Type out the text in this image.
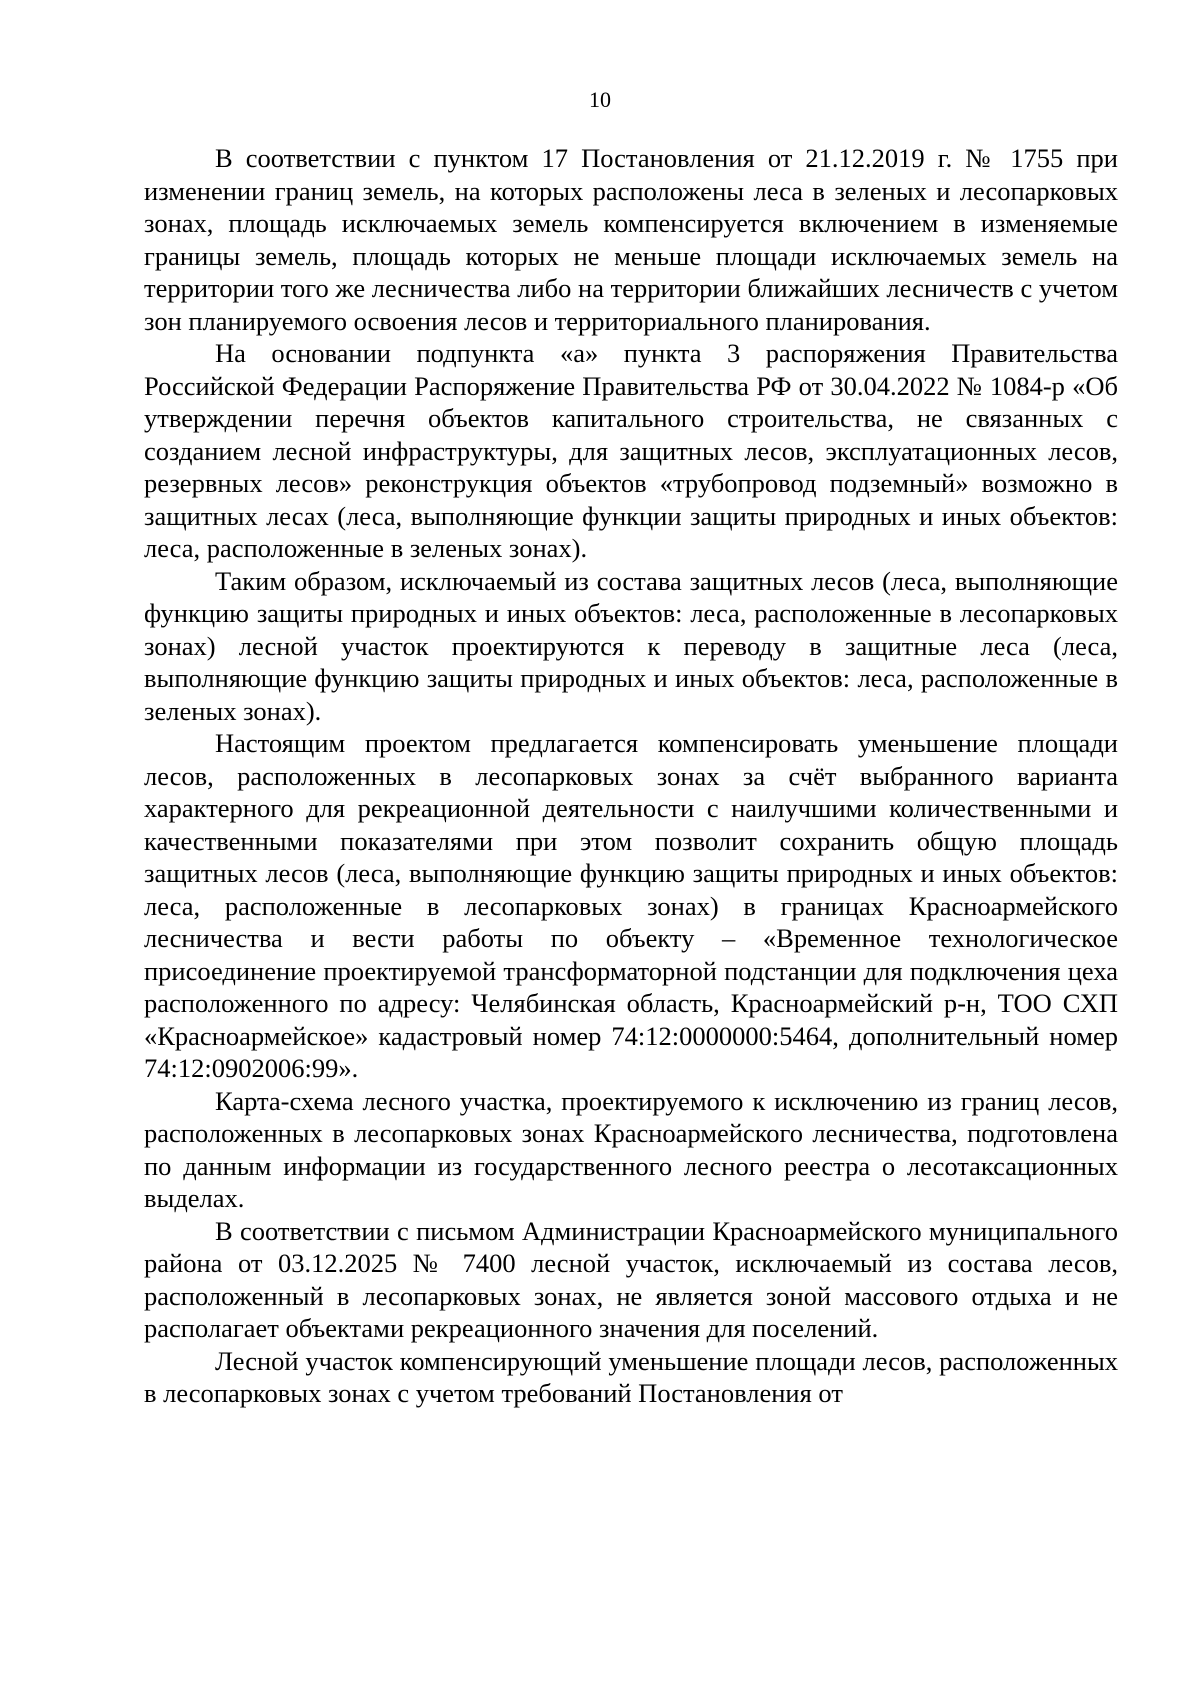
10

В соответствии с пунктом 17 Постановления от 21.12.2019 г. № 1755 при изменении границ земель, на которых расположены леса в зеленых и лесопарковых зонах, площадь исключаемых земель компенсируется включением в изменяемые границы земель, площадь которых не меньше площади исключаемых земель на территории того же лесничества либо на территории ближайших лесничеств с учетом зон планируемого освоения лесов и территориального планирования.

На основании подпункта «а» пункта 3 распоряжения Правительства Российской Федерации Распоряжение Правительства РФ от 30.04.2022 № 1084-р «Об утверждении перечня объектов капитального строительства, не связанных с созданием лесной инфраструктуры, для защитных лесов, эксплуатационных лесов, резервных лесов» реконструкция объектов «трубопровод подземный» возможно в защитных лесах (леса, выполняющие функции защиты природных и иных объектов: леса, расположенные в зеленых зонах).

Таким образом, исключаемый из состава защитных лесов (леса, выполняющие функцию защиты природных и иных объектов: леса, расположенные в лесопарковых зонах) лесной участок проектируются к переводу в защитные леса (леса, выполняющие функцию защиты природных и иных объектов: леса, расположенные в зеленых зонах).

Настоящим проектом предлагается компенсировать уменьшение площади лесов, расположенных в лесопарковых зонах за счёт выбранного варианта характерного для рекреационной деятельности с наилучшими количественными и качественными показателями при этом позволит сохранить общую площадь защитных лесов (леса, выполняющие функцию защиты природных и иных объектов: леса, расположенные в лесопарковых зонах) в границах Красноармейского лесничества и вести работы по объекту – «Временное технологическое присоединение проектируемой трансформаторной подстанции для подключения цеха расположенного по адресу: Челябинская область, Красноармейский р-н, ТОО СХП «Красноармейское» кадастровый номер 74:12:0000000:5464, дополнительный номер 74:12:0902006:99».

Карта-схема лесного участка, проектируемого к исключению из границ лесов, расположенных в лесопарковых зонах Красноармейского лесничества, подготовлена по данным информации из государственного лесного реестра о лесотаксационных выделах.

В соответствии с письмом Администрации Красноармейского муниципального района от 03.12.2025 № 7400 лесной участок, исключаемый из состава лесов, расположенный в лесопарковых зонах, не является зоной массового отдыха и не располагает объектами рекреационного значения для поселений.

Лесной участок компенсирующий уменьшение площади лесов, расположенных в лесопарковых зонах с учетом требований Постановления от
